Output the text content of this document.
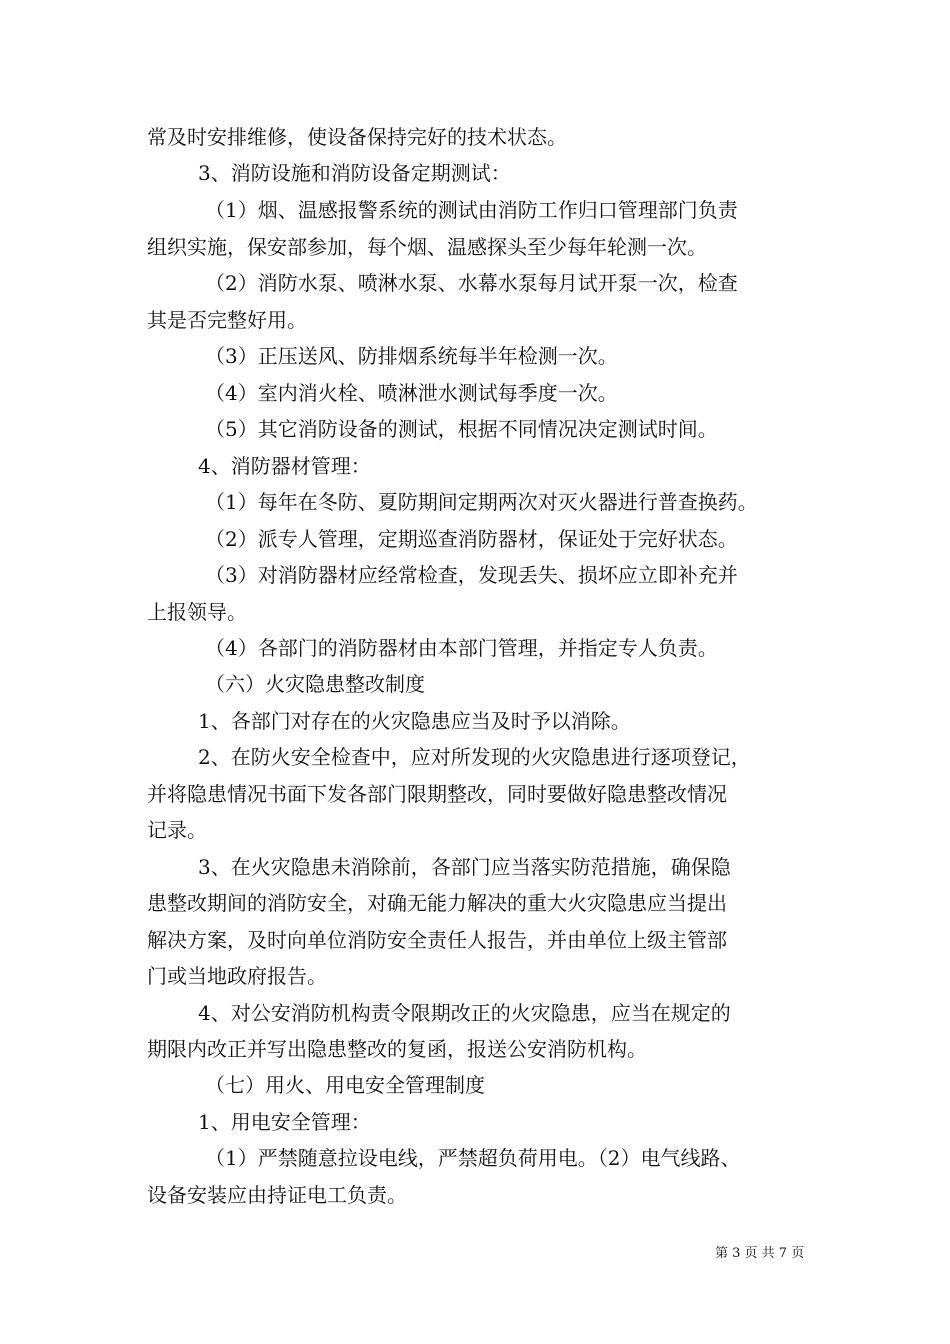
常及时安排维修，使设备保持完好的技术状态。
3、消防设施和消防设备定期测试：
（1）烟、温感报警系统的测试由消防工作归口管理部门负责
组织实施，保安部参加，每个烟、温感探头至少每年轮测一次。
（2）消防水泵、喷淋水泵、水幕水泵每月试开泵一次，检查
其是否完整好用。
（3）正压送风、防排烟系统每半年检测一次。
（4）室内消火栓、喷淋泄水测试每季度一次。
（5）其它消防设备的测试，根据不同情况决定测试时间。
4、消防器材管理：
（1）每年在冬防、夏防期间定期两次对灭火器进行普查换药。
（2）派专人管理，定期巡查消防器材，保证处于完好状态。
（3）对消防器材应经常检查，发现丢失、损坏应立即补充并
上报领导。
（4）各部门的消防器材由本部门管理，并指定专人负责。
（六）火灾隐患整改制度
1、各部门对存在的火灾隐患应当及时予以消除。
2、在防火安全检查中，应对所发现的火灾隐患进行逐项登记，
并将隐患情况书面下发各部门限期整改，同时要做好隐患整改情况
记录。
3、在火灾隐患未消除前，各部门应当落实防范措施，确保隐
患整改期间的消防安全，对确无能力解决的重大火灾隐患应当提出
解决方案，及时向单位消防安全责任人报告，并由单位上级主管部
门或当地政府报告。
4、对公安消防机构责令限期改正的火灾隐患，应当在规定的
期限内改正并写出隐患整改的复函，报送公安消防机构。
（七）用火、用电安全管理制度
1、用电安全管理：
（1）严禁随意拉设电线，严禁超负荷用电。（2）电气线路、
设备安装应由持证电工负责。
第 3 页 共 7 页
